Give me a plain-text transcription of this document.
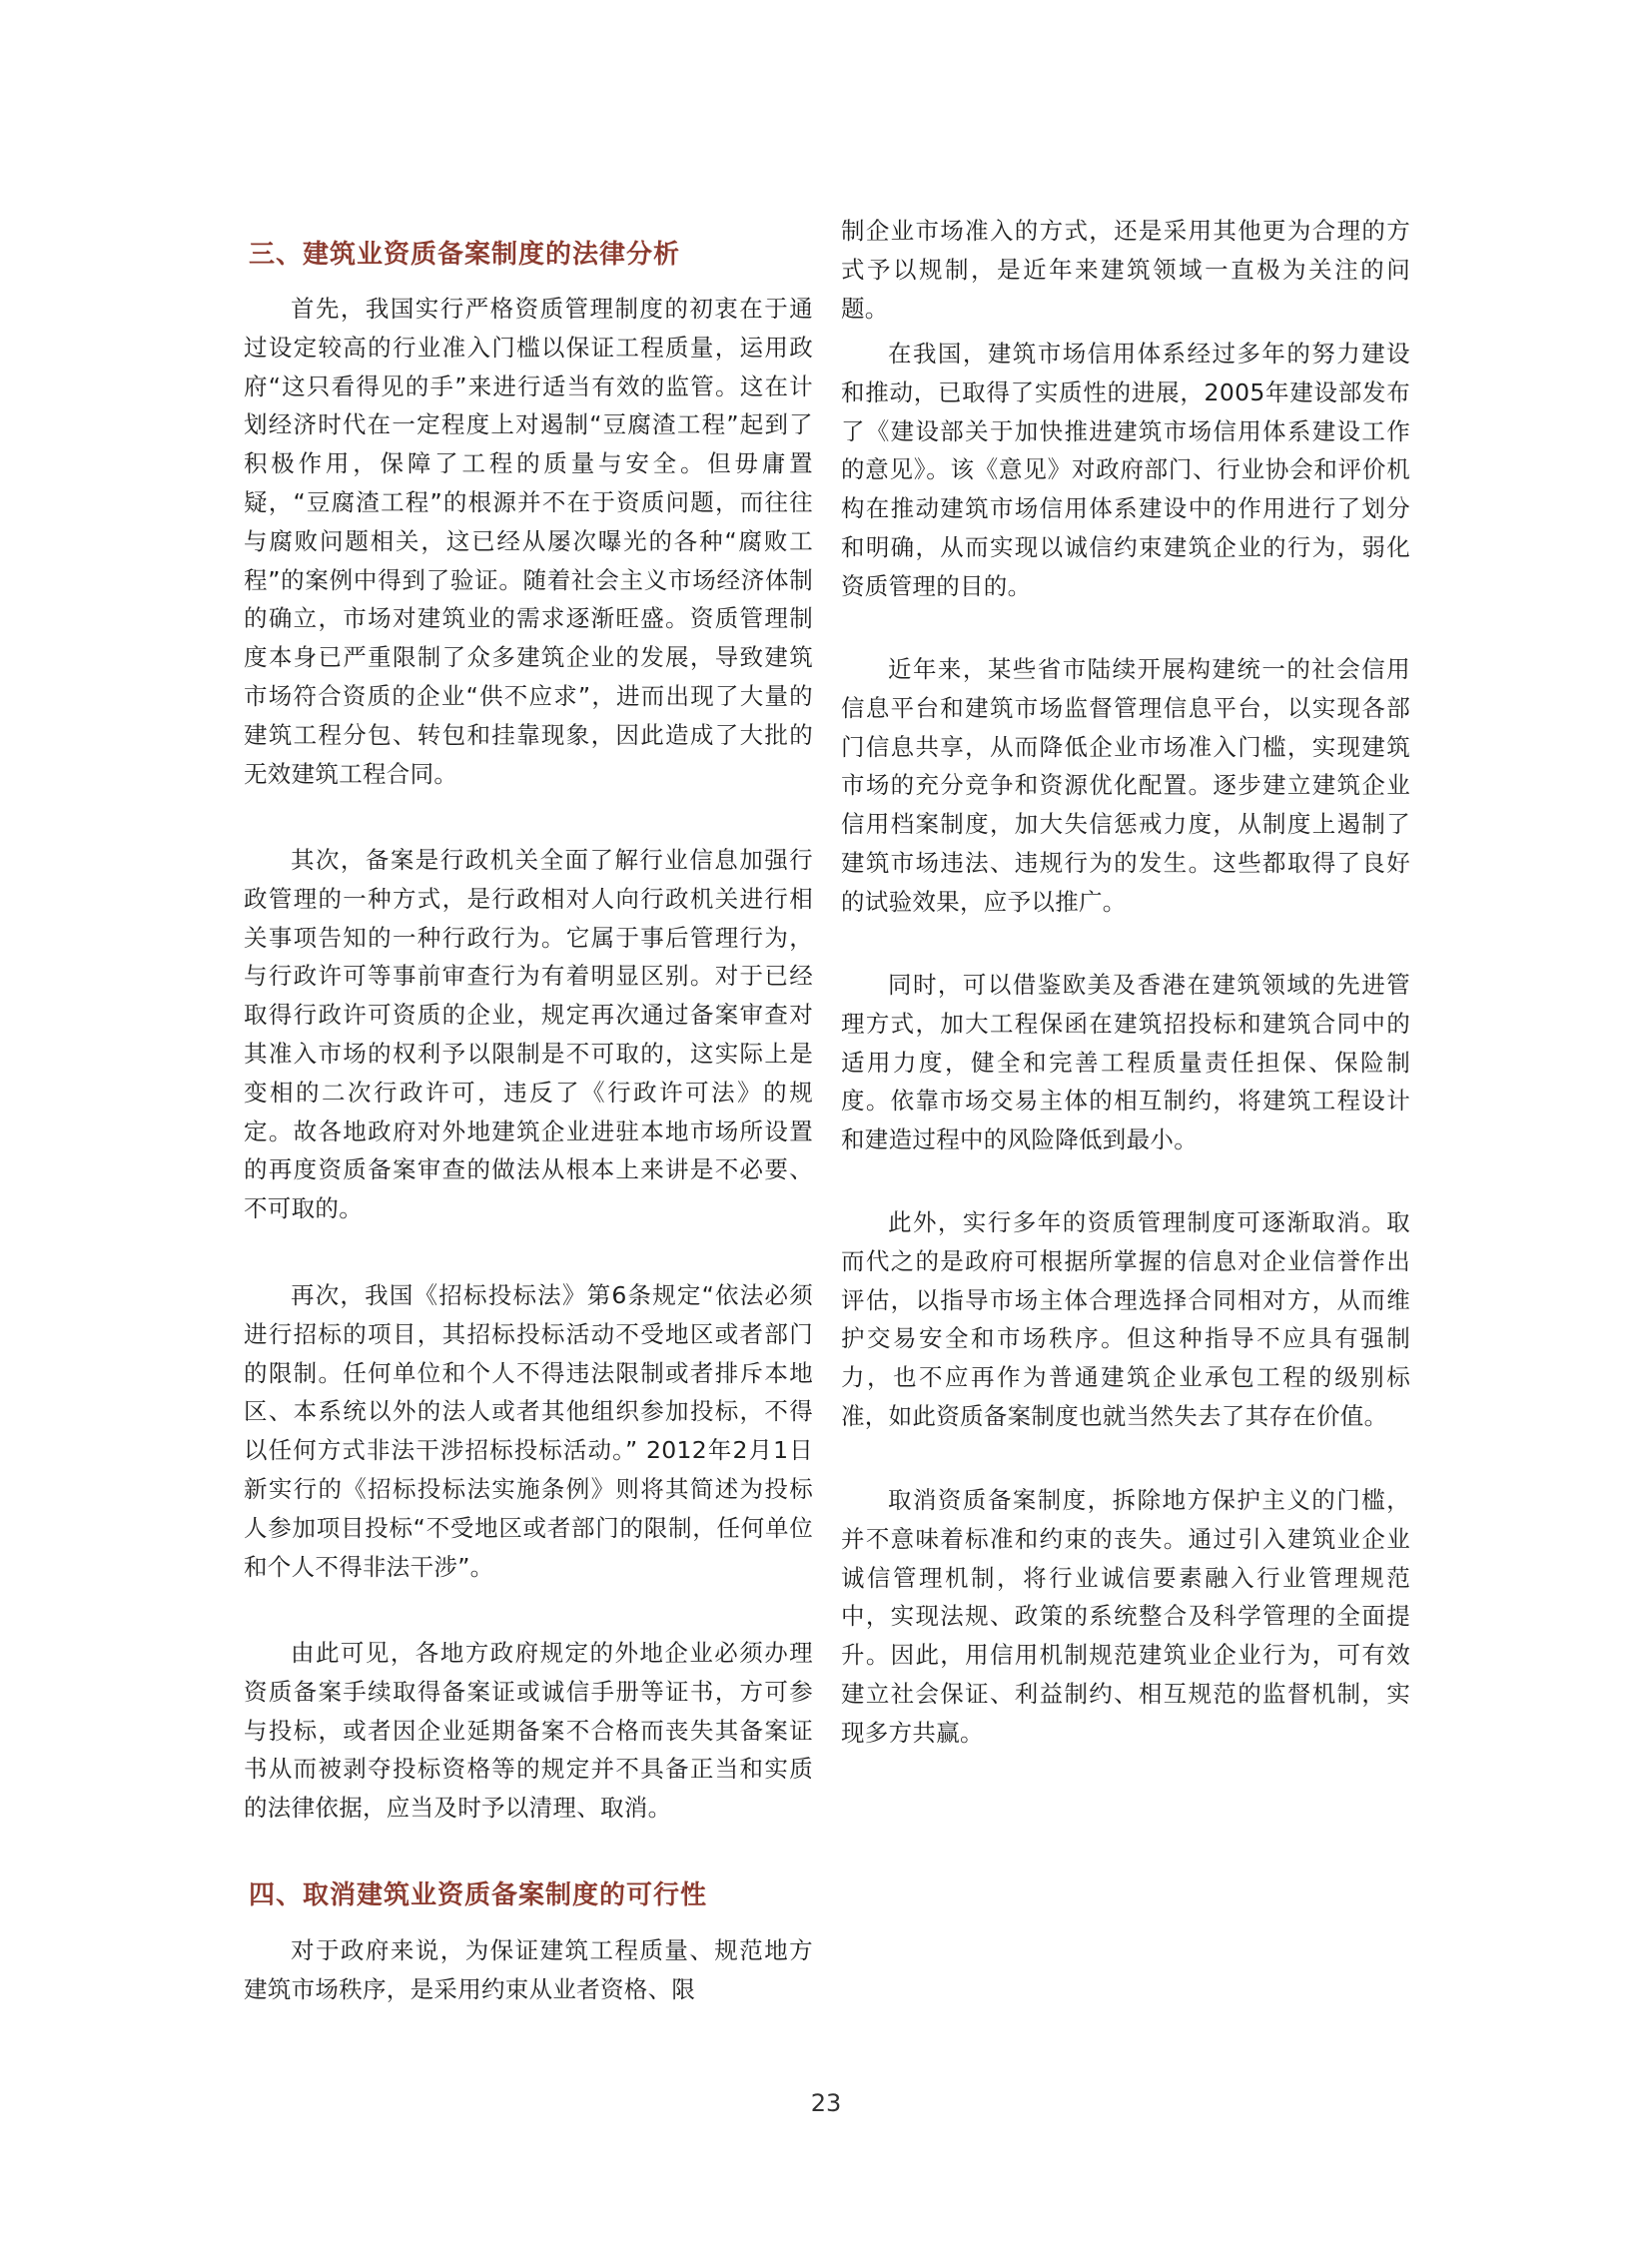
三、建筑业资质备案制度的法律分析

首先，我国实行严格资质管理制度的初衷在于通过设定较高的行业准入门槛以保证工程质量，运用政府“这只看得见的手”来进行适当有效的监管。这在计划经济时代在一定程度上对遏制“豆腐渣工程”起到了积极作用，保障了工程的质量与安全。但毋庸置疑，“豆腐渣工程”的根源并不在于资质问题，而往往与腐败问题相关，这已经从屡次曝光的各种“腐败工程”的案例中得到了验证。随着社会主义市场经济体制的确立，市场对建筑业的需求逐渐旺盛。资质管理制度本身已严重限制了众多建筑企业的发展，导致建筑市场符合资质的企业“供不应求”，进而出现了大量的建筑工程分包、转包和挂靠现象，因此造成了大批的无效建筑工程合同。

其次，备案是行政机关全面了解行业信息加强行政管理的一种方式，是行政相对人向行政机关进行相关事项告知的一种行政行为。它属于事后管理行为，与行政许可等事前审查行为有着明显区别。对于已经取得行政许可资质的企业，规定再次通过备案审查对其准入市场的权利予以限制是不可取的，这实际上是变相的二次行政许可，违反了《行政许可法》的规定。故各地政府对外地建筑企业进驻本地市场所设置的再度资质备案审查的做法从根本上来讲是不必要、不可取的。

再次，我国《招标投标法》第6条规定“依法必须进行招标的项目，其招标投标活动不受地区或者部门的限制。任何单位和个人不得违法限制或者排斥本地区、本系统以外的法人或者其他组织参加投标，不得以任何方式非法干涉招标投标活动。” 2012年2月1日新实行的《招标投标法实施条例》则将其简述为投标人参加项目投标“不受地区或者部门的限制，任何单位和个人不得非法干涉”。

由此可见，各地方政府规定的外地企业必须办理资质备案手续取得备案证或诚信手册等证书，方可参与投标，或者因企业延期备案不合格而丧失其备案证书从而被剥夺投标资格等的规定并不具备正当和实质的法律依据，应当及时予以清理、取消。

四、取消建筑业资质备案制度的可行性

对于政府来说，为保证建筑工程质量、规范地方建筑市场秩序，是采用约束从业者资格、限

制企业市场准入的方式，还是采用其他更为合理的方式予以规制，是近年来建筑领域一直极为关注的问题。

在我国，建筑市场信用体系经过多年的努力建设和推动，已取得了实质性的进展，2005年建设部发布了《建设部关于加快推进建筑市场信用体系建设工作的意见》。该《意见》对政府部门、行业协会和评价机构在推动建筑市场信用体系建设中的作用进行了划分和明确，从而实现以诚信约束建筑企业的行为，弱化资质管理的目的。

近年来，某些省市陆续开展构建统一的社会信用信息平台和建筑市场监督管理信息平台，以实现各部门信息共享，从而降低企业市场准入门槛，实现建筑市场的充分竞争和资源优化配置。逐步建立建筑企业信用档案制度，加大失信惩戒力度，从制度上遏制了建筑市场违法、违规行为的发生。这些都取得了良好的试验效果，应予以推广。

同时，可以借鉴欧美及香港在建筑领域的先进管理方式，加大工程保函在建筑招投标和建筑合同中的适用力度，健全和完善工程质量责任担保、保险制度。依靠市场交易主体的相互制约，将建筑工程设计和建造过程中的风险降低到最小。

此外，实行多年的资质管理制度可逐渐取消。取而代之的是政府可根据所掌握的信息对企业信誉作出评估，以指导市场主体合理选择合同相对方，从而维护交易安全和市场秩序。但这种指导不应具有强制力，也不应再作为普通建筑企业承包工程的级别标准，如此资质备案制度也就当然失去了其存在价值。

取消资质备案制度，拆除地方保护主义的门槛，并不意味着标准和约束的丧失。通过引入建筑业企业诚信管理机制，将行业诚信要素融入行业管理规范中，实现法规、政策的系统整合及科学管理的全面提升。因此，用信用机制规范建筑业企业行为，可有效建立社会保证、利益制约、相互规范的监督机制，实现多方共赢。

23
